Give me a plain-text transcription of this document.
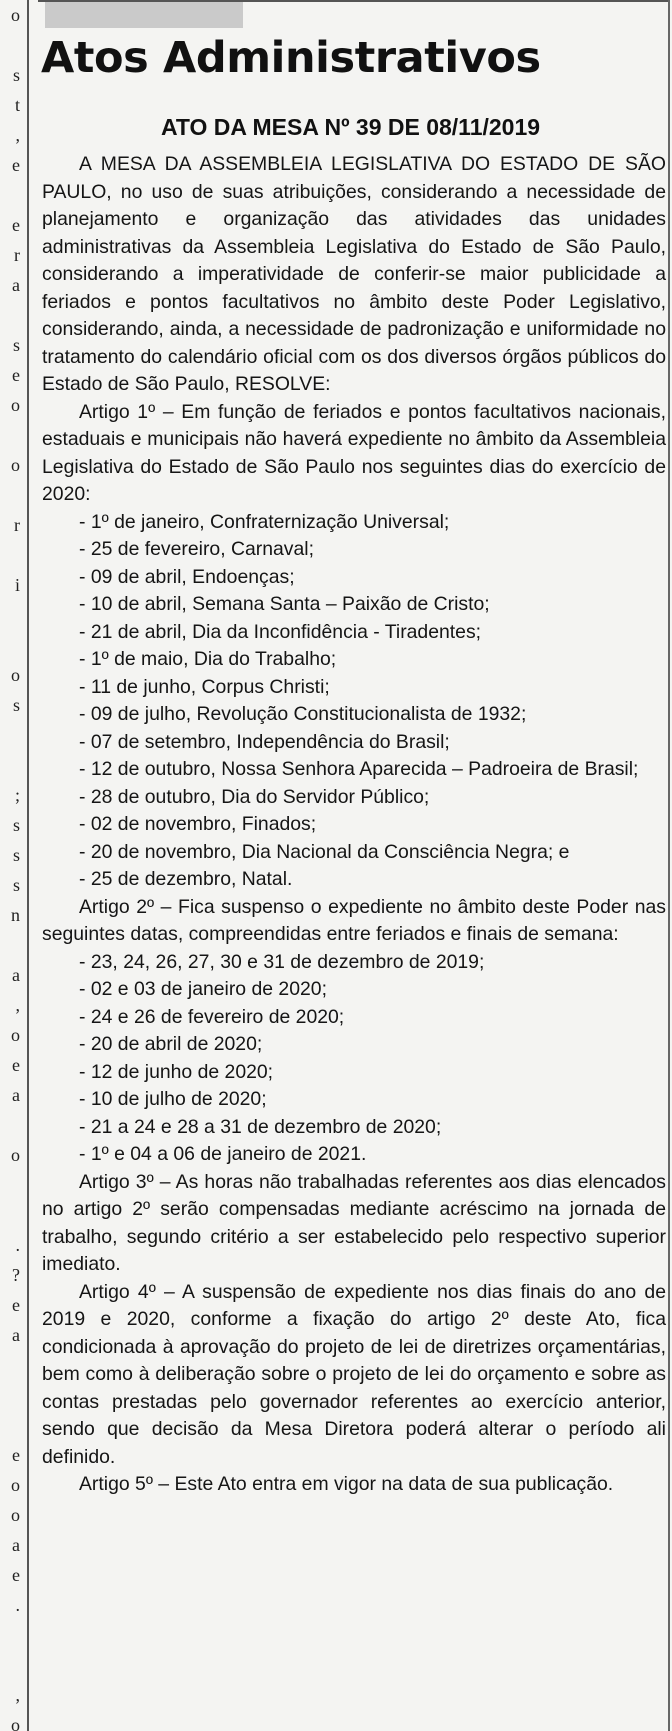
o

s
t
,
e

e
r
a

s
e
o

o

r

i

o
s

;
s
s
s
n

a
,
o
e
a

o

.
?
e
a

e
o
o
a
e
.

,
o
Atos Administrativos
ATO DA MESA Nº 39 DE 08/11/2019

A MESA DA ASSEMBLEIA LEGISLATIVA DO ESTADO DE SÃO PAULO, no uso de suas atribuições, considerando a necessidade de planejamento e organização das atividades das unidades administrativas da Assembleia Legislativa do Estado de São Paulo, considerando a imperatividade de conferir-se maior publicidade a feriados e pontos facultativos no âmbito deste Poder Legislativo, considerando, ainda, a necessidade de padronização e uniformidade no tratamento do calendário oficial com os dos diversos órgãos públicos do Estado de São Paulo, RESOLVE:

Artigo 1º – Em função de feriados e pontos facultativos nacionais, estaduais e municipais não haverá expediente no âmbito da Assembleia Legislativa do Estado de São Paulo nos seguintes dias do exercício de 2020:

- 1º de janeiro, Confraternização Universal;

- 25 de fevereiro, Carnaval;

- 09 de abril, Endoenças;

- 10 de abril, Semana Santa – Paixão de Cristo;

- 21 de abril, Dia da Inconfidência - Tiradentes;

- 1º de maio, Dia do Trabalho;

- 11 de junho, Corpus Christi;

- 09 de julho, Revolução Constitucionalista de 1932;

- 07 de setembro, Independência do Brasil;

- 12 de outubro, Nossa Senhora Aparecida – Padroeira de Brasil;

- 28 de outubro, Dia do Servidor Público;

- 02 de novembro, Finados;

- 20 de novembro, Dia Nacional da Consciência Negra; e

- 25 de dezembro, Natal.

Artigo 2º – Fica suspenso o expediente no âmbito deste Poder nas seguintes datas, compreendidas entre feriados e finais de semana:

- 23, 24, 26, 27, 30 e 31 de dezembro de 2019;

- 02 e 03 de janeiro de 2020;

- 24 e 26 de fevereiro de 2020;

- 20 de abril de 2020;

- 12 de junho de 2020;

- 10 de julho de 2020;

- 21 a 24 e 28 a 31 de dezembro de 2020;

- 1º e 04 a 06 de janeiro de 2021.

Artigo 3º – As horas não trabalhadas referentes aos dias elencados no artigo 2º serão compensadas mediante acréscimo na jornada de trabalho, segundo critério a ser estabelecido pelo respectivo superior imediato.

Artigo 4º – A suspensão de expediente nos dias finais do ano de 2019 e 2020, conforme a fixação do artigo 2º deste Ato, fica condicionada à aprovação do projeto de lei de diretrizes orçamentárias, bem como à deliberação sobre o projeto de lei do orçamento e sobre as contas prestadas pelo governador referentes ao exercício anterior, sendo que decisão da Mesa Diretora poderá alterar o período ali definido.

Artigo 5º – Este Ato entra em vigor na data de sua publicação.
